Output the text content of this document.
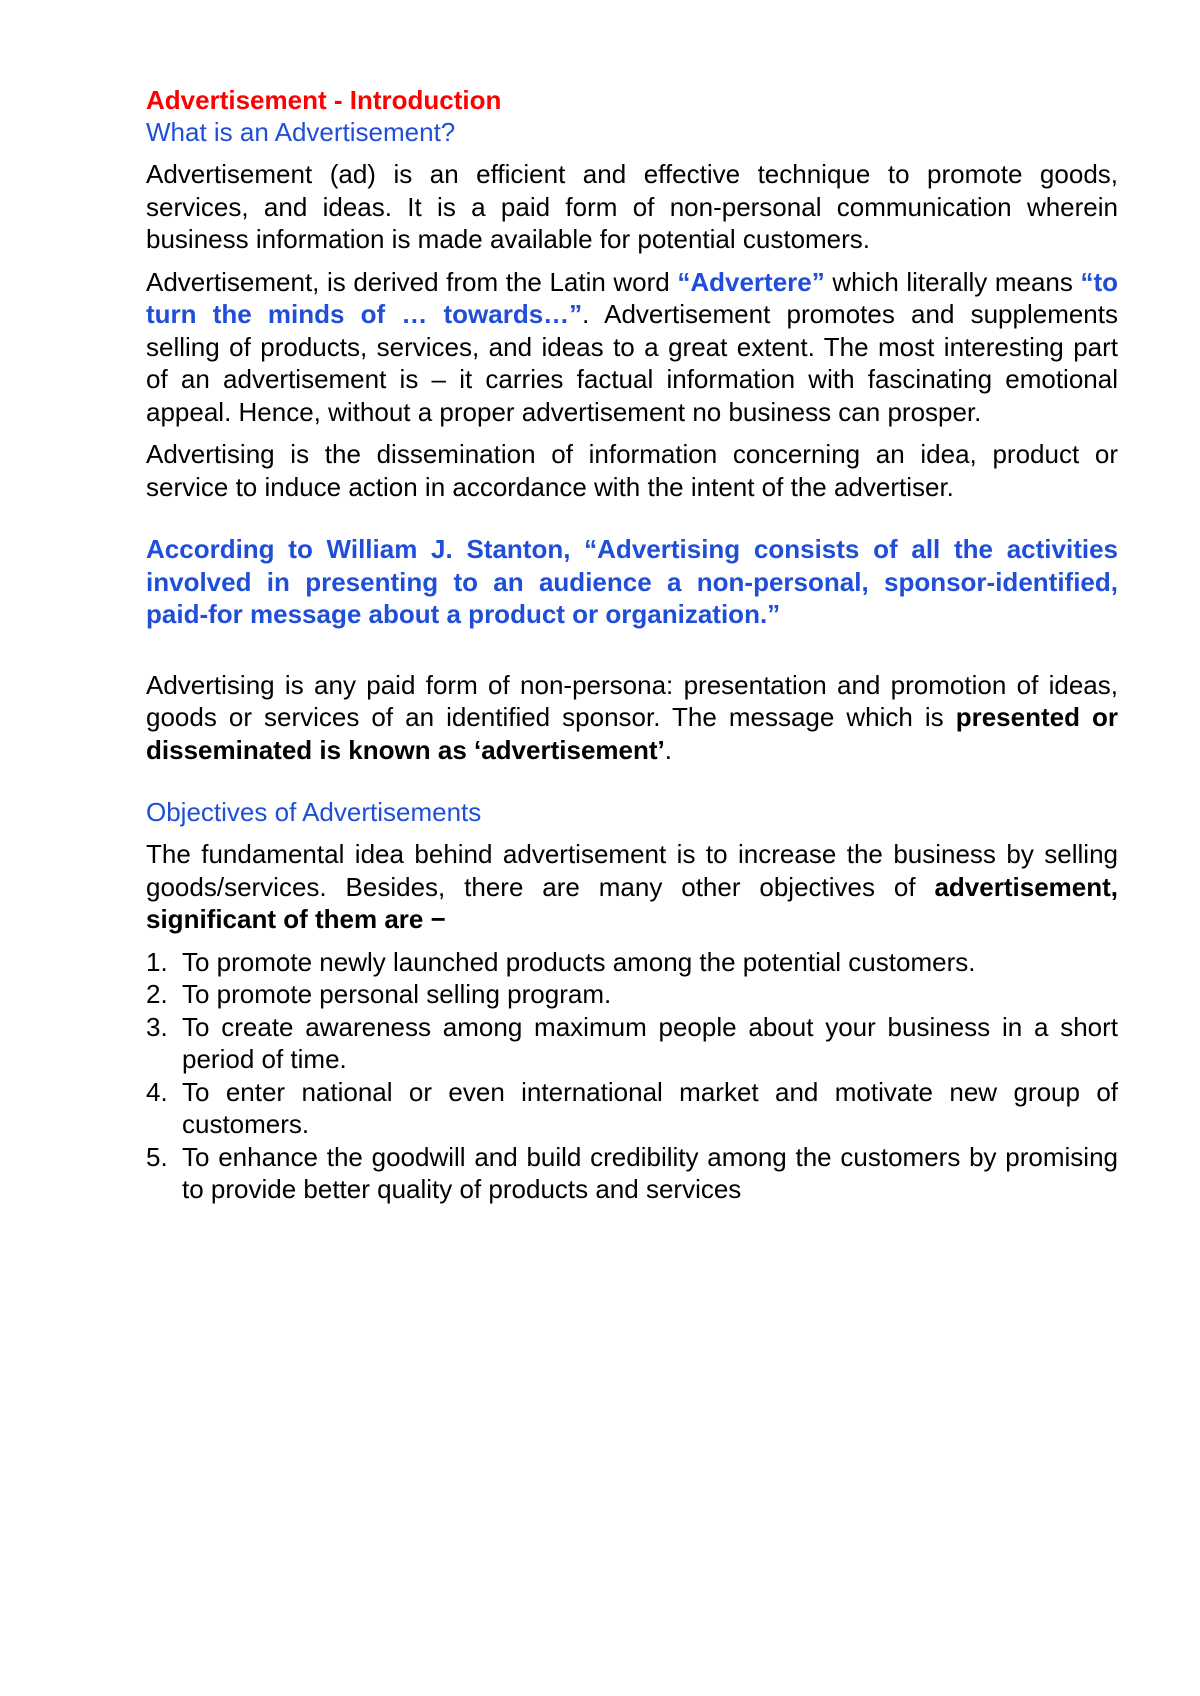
Advertisement - Introduction
What is an Advertisement?

Advertisement (ad) is an efficient and effective technique to promote goods, services, and ideas. It is a paid form of non-personal communication wherein business information is made available for potential customers.

Advertisement, is derived from the Latin word “Advertere” which literally means “to turn the minds of … towards…”. Advertisement promotes and supplements selling of products, services, and ideas to a great extent. The most interesting part of an advertisement is – it carries factual information with fascinating emotional appeal. Hence, without a proper advertisement no business can prosper.

Advertising is the dissemination of information concerning an idea, product or service to induce action in accordance with the intent of the advertiser.

According to William J. Stanton, “Advertising consists of all the activities involved in presenting to an audience a non-personal, sponsor-identified, paid-for message about a product or organization.”

Advertising is any paid form of non-persona: presentation and promotion of ideas, goods or services of an identified sponsor. The message which is presented or disseminated is known as ‘advertisement’.

Objectives of Advertisements

The fundamental idea behind advertisement is to increase the business by selling goods/services. Besides, there are many other objectives of advertisement, significant of them are −

1. To promote newly launched products among the potential customers.
2. To promote personal selling program.
3. To create awareness among maximum people about your business in a short period of time.
4. To enter national or even international market and motivate new group of customers.
5. To enhance the goodwill and build credibility among the customers by promising to provide better quality of products and services
